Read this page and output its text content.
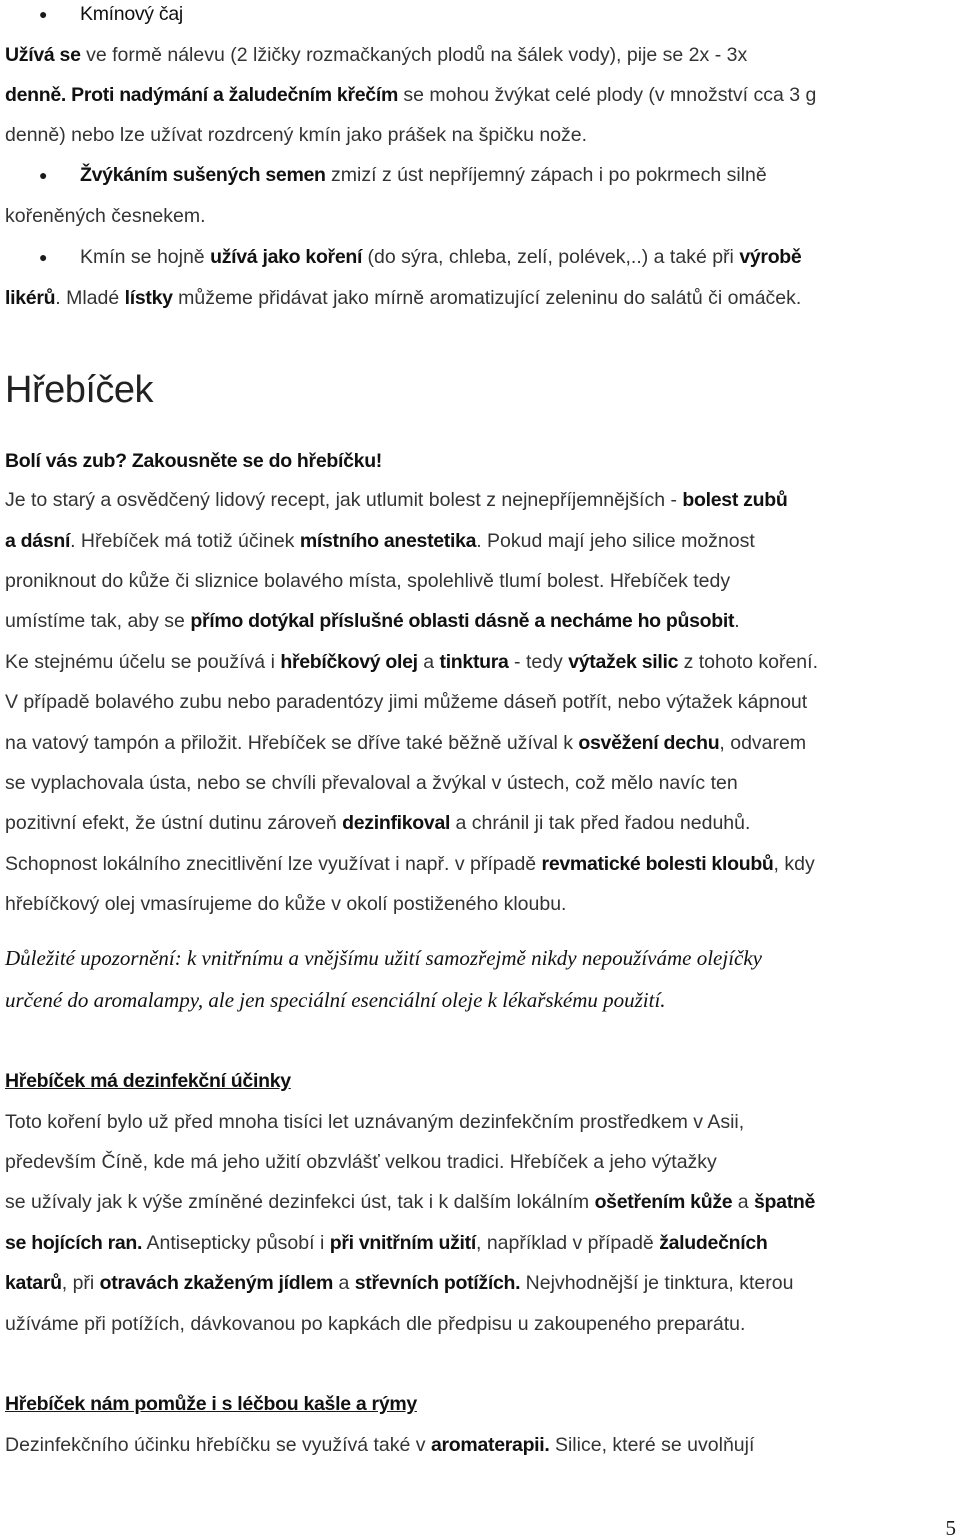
Hřebíček
Důležité upozornění: k vnitřnímu a vnějšímu užití samozřejmě nikdy nepoužíváme olejíčky
určené do aromalampy, ale jen speciální esenciální oleje k lékařskému použití.
5
● Kmínový čaj
Užívá se ve formě nálevu (2 lžičky rozmačkaných plodů na šálek vody), pije se 2x - 3x
denně. Proti nadýmání a žaludečním křečím se mohou žvýkat celé plody (v množství cca 3 g
denně) nebo lze užívat rozdrcený kmín jako prášek na špičku nože.
● Žvýkáním sušených semen zmizí z úst nepříjemný zápach i po pokrmech silně
kořeněných česnekem.
● Kmín se hojně užívá jako koření (do sýra, chleba, zelí, polévek,..) a také při výrobě
likérů. Mladé lístky můžeme přidávat jako mírně aromatizující zeleninu do salátů či omáček.
Bolí vás zub? Zakousněte se do hřebíčku!
Je to starý a osvědčený lidový recept, jak utlumit bolest z nejnepříjemnějších - bolest zubů
a dásní. Hřebíček má totiž účinek místního anestetika. Pokud mají jeho silice možnost
proniknout do kůže či sliznice bolavého místa, spolehlivě tlumí bolest. Hřebíček tedy
umístíme tak, aby se přímo dotýkal příslušné oblasti dásně a necháme ho působit.
Ke stejnému účelu se používá i hřebíčkový olej a tinktura - tedy výtažek silic z tohoto koření.
V případě bolavého zubu nebo paradentózy jimi můžeme dáseň potřít, nebo výtažek kápnout
na vatový tampón a přiložit. Hřebíček se dříve také běžně užíval k osvěžení dechu, odvarem
se vyplachovala ústa, nebo se chvíli převaloval a žvýkal v ústech, což mělo navíc ten
pozitivní efekt, že ústní dutinu zároveň dezinfikoval a chránil ji tak před řadou neduhů.
Schopnost lokálního znecitlivění lze využívat i např. v případě revmatické bolesti kloubů, kdy
hřebíčkový olej vmasírujeme do kůže v okolí postiženého kloubu.
Hřebíček má dezinfekční účinky
Toto koření bylo už před mnoha tisíci let uznávaným dezinfekčním prostředkem v Asii,
především Číně, kde má jeho užití obzvlášť velkou tradici. Hřebíček a jeho výtažky
se užívaly jak k výše zmíněné dezinfekci úst, tak i k dalším lokálním ošetřením kůže a špatně
se hojících ran. Antisepticky působí i při vnitřním užití, například v případě žaludečních
katarů, při otravách zkaženým jídlem a střevních potížích. Nejvhodnější je tinktura, kterou
užíváme při potížích, dávkovanou po kapkách dle předpisu u zakoupeného preparátu.
Hřebíček nám pomůže i s léčbou kašle a rýmy
Dezinfekčního účinku hřebíčku se využívá také v aromaterapii. Silice, které se uvolňují
